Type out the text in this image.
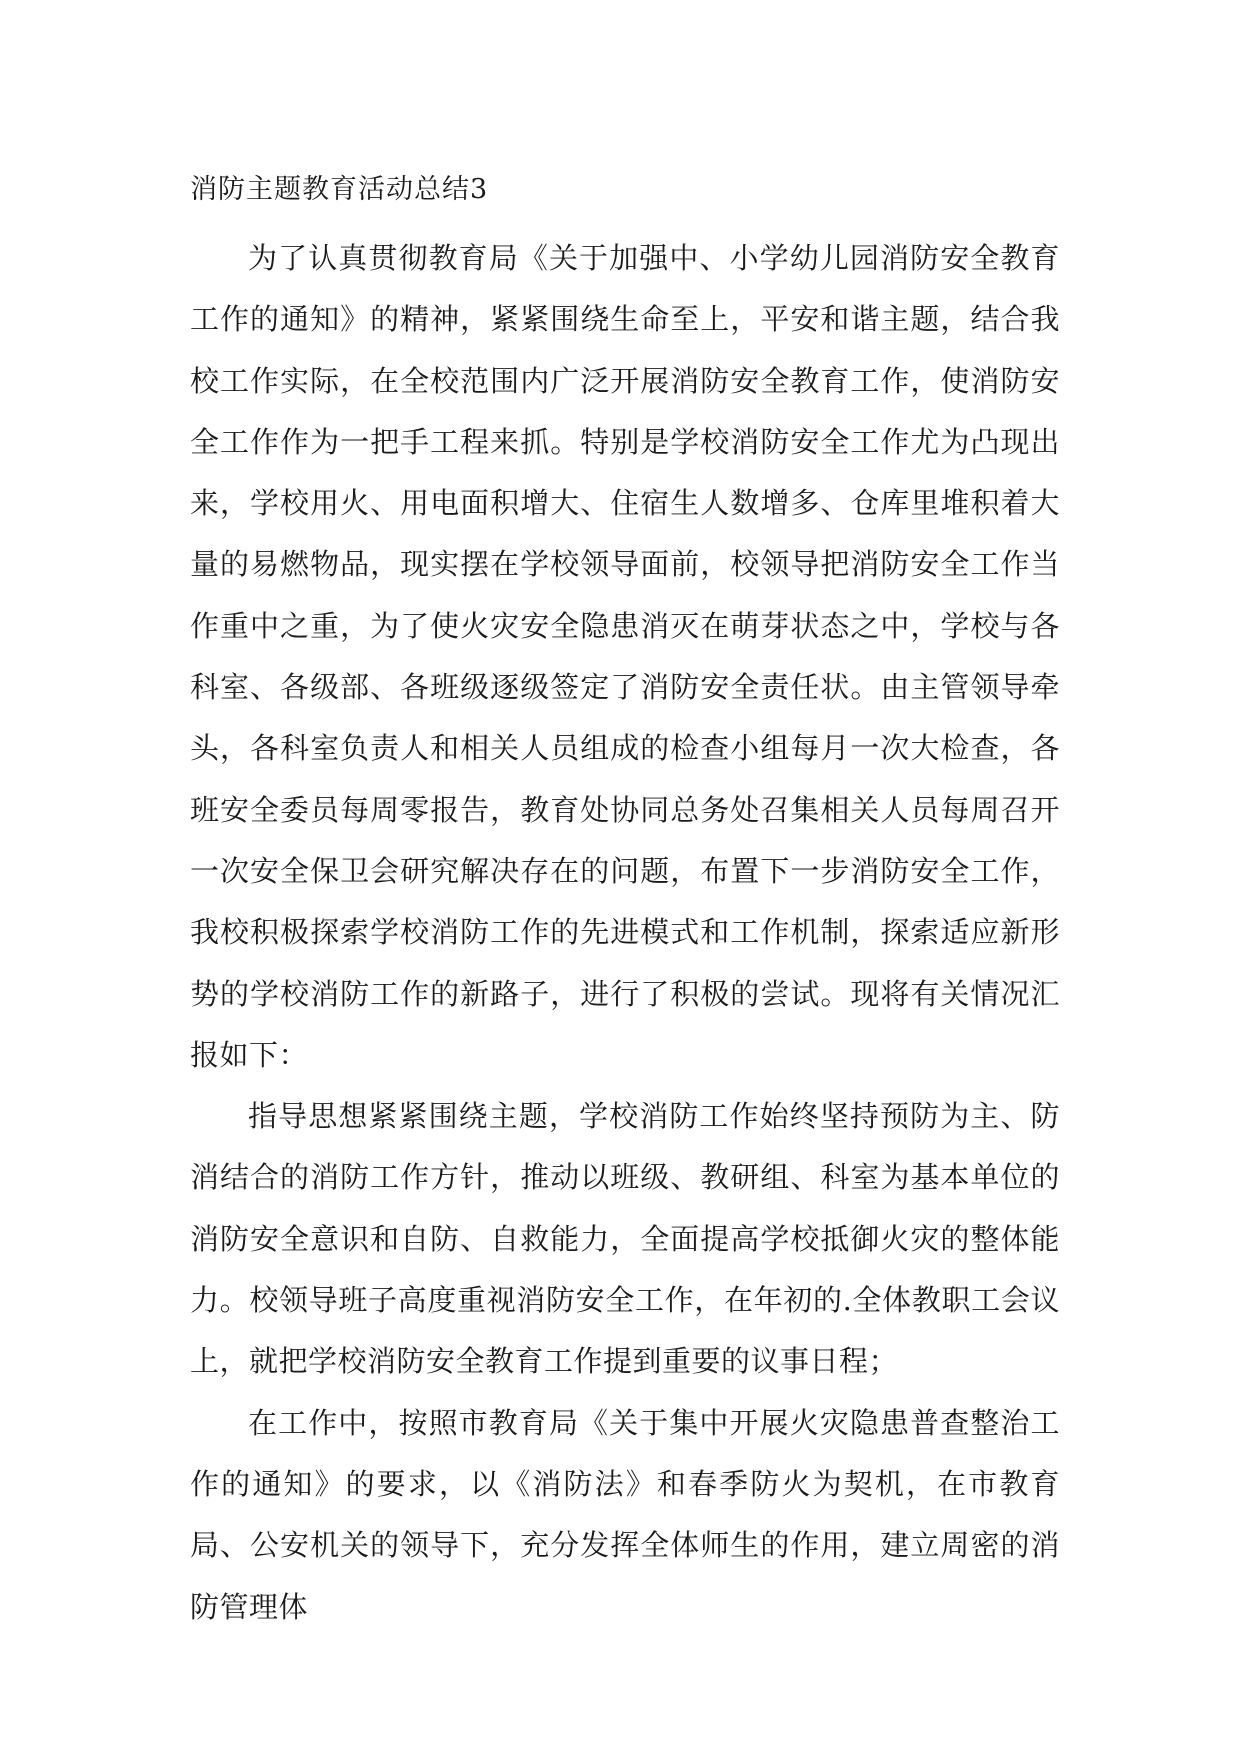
消防主题教育活动总结3

为了认真贯彻教育局《关于加强中、小学幼儿园消防安全教育工作的通知》的精神，紧紧围绕生命至上，平安和谐主题，结合我校工作实际，在全校范围内广泛开展消防安全教育工作，使消防安全工作作为一把手工程来抓。特别是学校消防安全工作尤为凸现出来，学校用火、用电面积增大、住宿生人数增多、仓库里堆积着大量的易燃物品，现实摆在学校领导面前，校领导把消防安全工作当作重中之重，为了使火灾安全隐患消灭在萌芽状态之中，学校与各科室、各级部、各班级逐级签定了消防安全责任状。由主管领导牵头，各科室负责人和相关人员组成的检查小组每月一次大检查，各班安全委员每周零报告，教育处协同总务处召集相关人员每周召开一次安全保卫会研究解决存在的问题，布置下一步消防安全工作，我校积极探索学校消防工作的先进模式和工作机制，探索适应新形势的学校消防工作的新路子，进行了积极的尝试。现将有关情况汇报如下：

指导思想紧紧围绕主题，学校消防工作始终坚持预防为主、防消结合的消防工作方针，推动以班级、教研组、科室为基本单位的消防安全意识和自防、自救能力，全面提高学校抵御火灾的整体能力。校领导班子高度重视消防安全工作，在年初的.全体教职工会议上，就把学校消防安全教育工作提到重要的议事日程；

在工作中，按照市教育局《关于集中开展火灾隐患普查整治工作的通知》的要求，以《消防法》和春季防火为契机，在市教育局、公安机关的领导下，充分发挥全体师生的作用，建立周密的消防管理体
